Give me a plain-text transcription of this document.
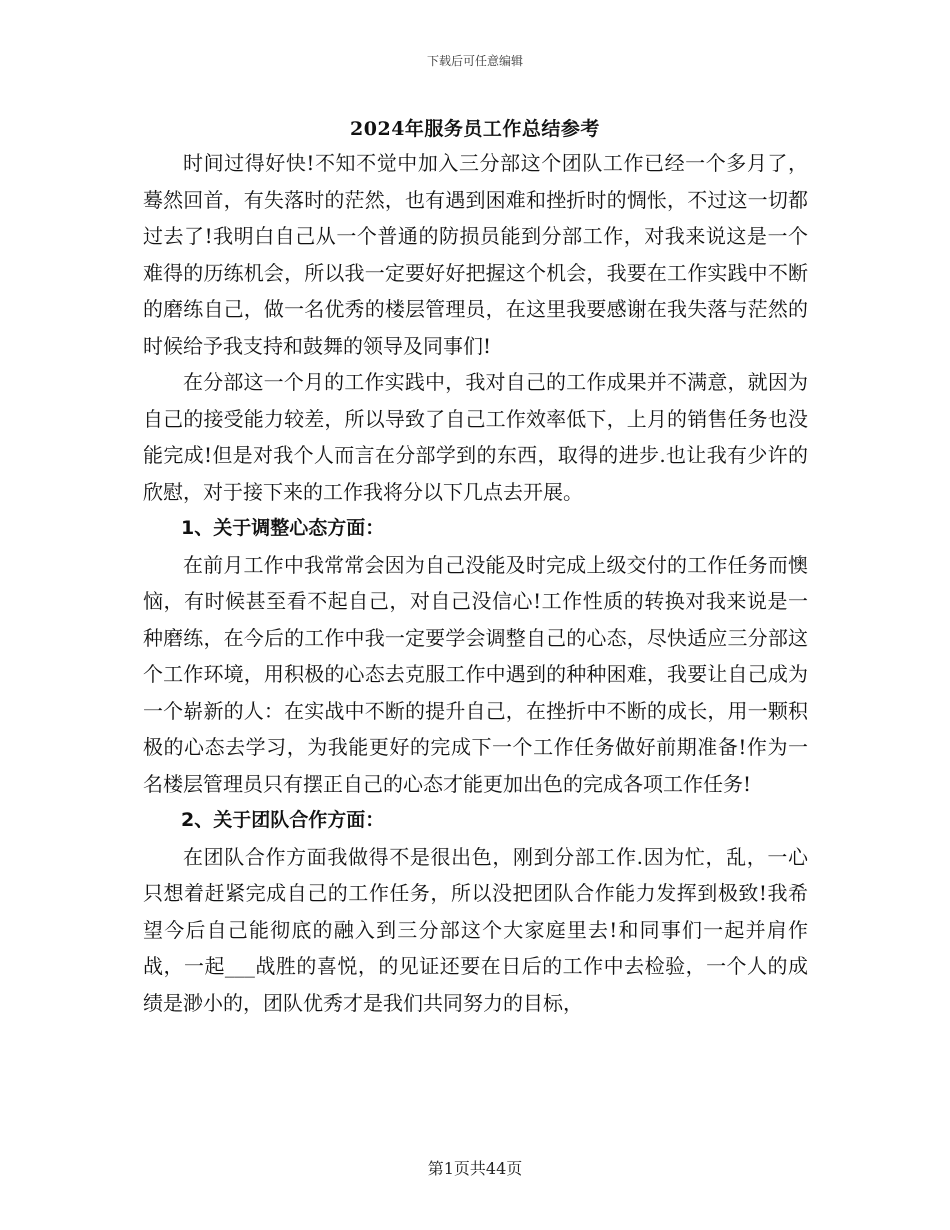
下载后可任意编辑
2024年服务员工作总结参考

时间过得好快!不知不觉中加入三分部这个团队工作已经一个多月了，蓦然回首，有失落时的茫然，也有遇到困难和挫折时的惆怅，不过这一切都过去了!我明白自己从一个普通的防损员能到分部工作，对我来说这是一个难得的历练机会，所以我一定要好好把握这个机会，我要在工作实践中不断的磨练自己，做一名优秀的楼层管理员，在这里我要感谢在我失落与茫然的时候给予我支持和鼓舞的领导及同事们!

在分部这一个月的工作实践中，我对自己的工作成果并不满意，就因为自己的接受能力较差，所以导致了自己工作效率低下，上月的销售任务也没能完成!但是对我个人而言在分部学到的东西，取得的进步.也让我有少许的欣慰，对于接下来的工作我将分以下几点去开展。

1、关于调整心态方面：

在前月工作中我常常会因为自己没能及时完成上级交付的工作任务而懊恼，有时候甚至看不起自己，对自己没信心!工作性质的转换对我来说是一种磨练，在今后的工作中我一定要学会调整自己的心态，尽快适应三分部这个工作环境，用积极的心态去克服工作中遇到的种种困难，我要让自己成为一个崭新的人：在实战中不断的提升自己，在挫折中不断的成长，用一颗积极的心态去学习，为我能更好的完成下一个工作任务做好前期准备!作为一名楼层管理员只有摆正自己的心态才能更加出色的完成各项工作任务!

2、关于团队合作方面：

在团队合作方面我做得不是很出色，刚到分部工作.因为忙，乱，一心只想着赶紧完成自己的工作任务，所以没把团队合作能力发挥到极致!我希望今后自己能彻底的融入到三分部这个大家庭里去!和同事们一起并肩作战，一起___战胜的喜悦，的见证还要在日后的工作中去检验，一个人的成绩是渺小的，团队优秀才是我们共同努力的目标，

第1页共44页
